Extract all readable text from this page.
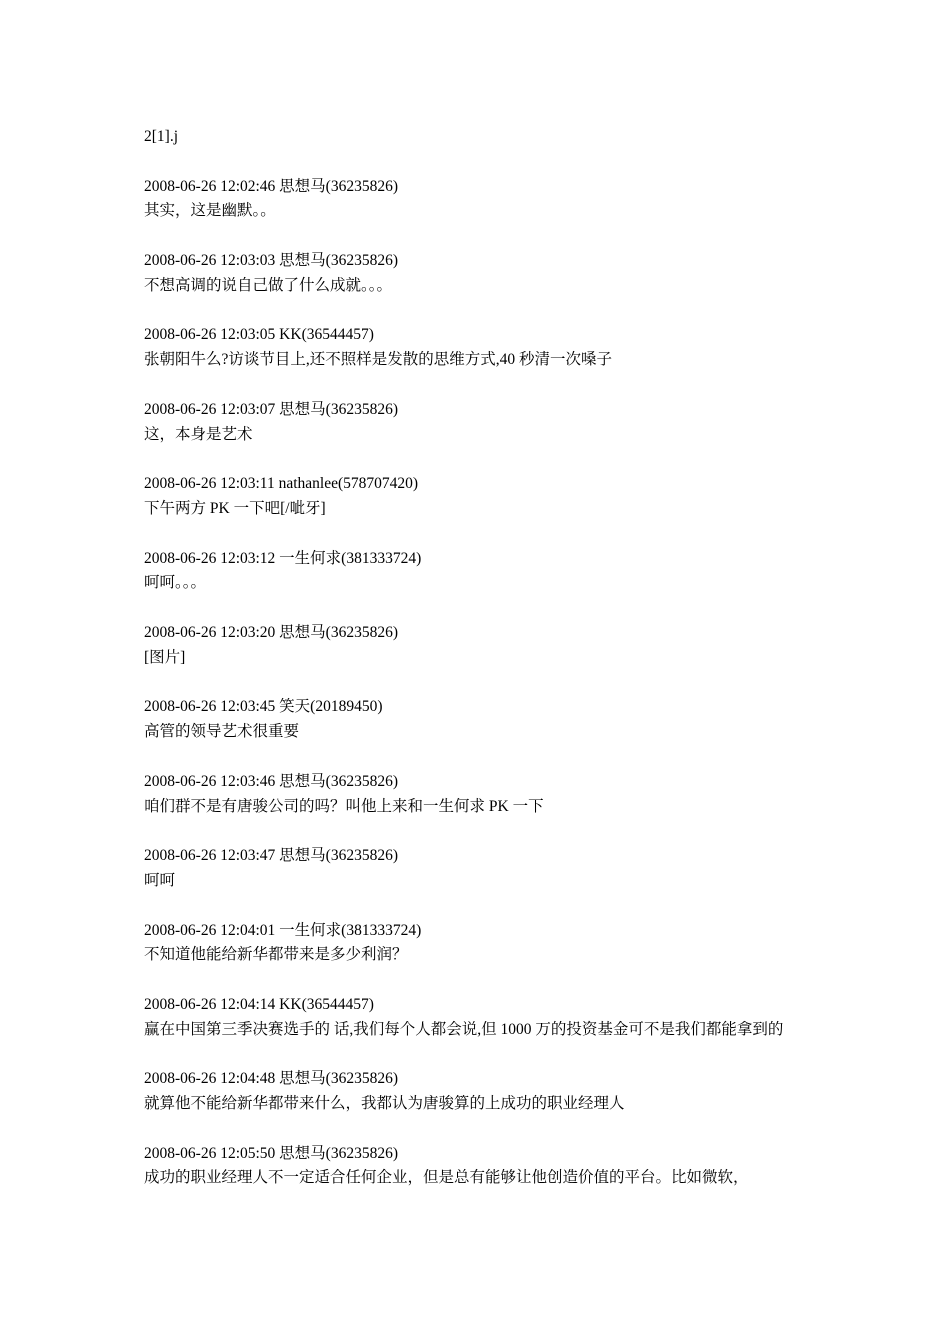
2[1].j
2008-06-26 12:02:46 思想马(36235826)
其实，这是幽默。。
2008-06-26 12:03:03 思想马(36235826)
不想高调的说自己做了什么成就。。。
2008-06-26 12:03:05 KK(36544457)
张朝阳牛么?访谈节目上,还不照样是发散的思维方式,40 秒清一次嗓子
2008-06-26 12:03:07 思想马(36235826)
这，本身是艺术
2008-06-26 12:03:11 nathanlee(578707420)
下午两方 PK 一下吧[/呲牙]
2008-06-26 12:03:12 一生何求(381333724)
呵呵。。。
2008-06-26 12:03:20 思想马(36235826)
[图片]
2008-06-26 12:03:45 笑天(20189450)
高管的领导艺术很重要
2008-06-26 12:03:46 思想马(36235826)
咱们群不是有唐骏公司的吗？叫他上来和一生何求 PK 一下
2008-06-26 12:03:47 思想马(36235826)
呵呵
2008-06-26 12:04:01 一生何求(381333724)
不知道他能给新华都带来是多少利润？
2008-06-26 12:04:14 KK(36544457)
赢在中国第三季决赛选手的 话,我们每个人都会说,但 1000 万的投资基金可不是我们都能拿到的
2008-06-26 12:04:48 思想马(36235826)
就算他不能给新华都带来什么，我都认为唐骏算的上成功的职业经理人
2008-06-26 12:05:50 思想马(36235826)
成功的职业经理人不一定适合任何企业，但是总有能够让他创造价值的平台。比如微软，
